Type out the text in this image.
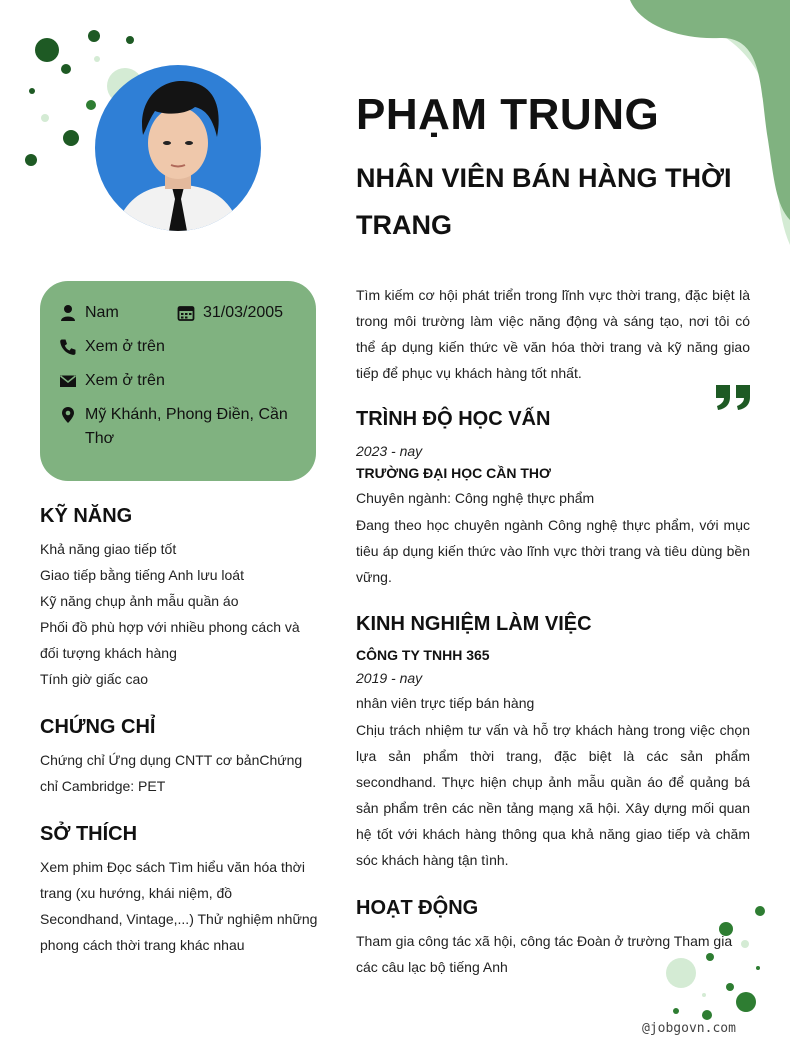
PHẠM TRUNG
NHÂN VIÊN BÁN HÀNG THỜI TRANG

Tìm kiếm cơ hội phát triển trong lĩnh vực thời trang, đặc biệt là trong môi trường làm việc năng động và sáng tạo, nơi tôi có thể áp dụng kiến thức về văn hóa thời trang và kỹ năng giao tiếp để phục vụ khách hàng tốt nhất.

Nam	31/03/2005
Xem ở trên
Xem ở trên
Mỹ Khánh, Phong Điền, Cần Thơ
KỸ NĂNG
Khả năng giao tiếp tốt
Giao tiếp bằng tiếng Anh lưu loát
Kỹ năng chụp ảnh mẫu quần áo
Phối đồ phù hợp với nhiều phong cách và đối tượng khách hàng
Tính giờ giấc cao
CHỨNG CHỈ

Chứng chỉ Ứng dụng CNTT cơ bảnChứng chỉ Cambridge: PET

SỞ THÍCH

Xem phim Đọc sách Tìm hiểu văn hóa thời trang (xu hướng, khái niệm, đồ Secondhand, Vintage,...) Thử nghiệm những phong cách thời trang khác nhau

TRÌNH ĐỘ HỌC VẤN

2023 - nay

TRƯỜNG ĐẠI HỌC CẦN THƠ

Chuyên ngành: Công nghệ thực phẩm

Đang theo học chuyên ngành Công nghệ thực phẩm, với mục tiêu áp dụng kiến thức vào lĩnh vực thời trang và tiêu dùng bền vững.

KINH NGHIỆM LÀM VIỆC

CÔNG TY TNHH 365

2019 - nay

nhân viên trực tiếp bán hàng

Chịu trách nhiệm tư vấn và hỗ trợ khách hàng trong việc chọn lựa sản phẩm thời trang, đặc biệt là các sản phẩm secondhand. Thực hiện chụp ảnh mẫu quần áo để quảng bá sản phẩm trên các nền tảng mạng xã hội. Xây dựng mối quan hệ tốt với khách hàng thông qua khả năng giao tiếp và chăm sóc khách hàng tận tình.

HOẠT ĐỘNG

Tham gia công tác xã hội, công tác Đoàn ở trường Tham gia các câu lạc bộ tiếng Anh

@jobgovn.com
